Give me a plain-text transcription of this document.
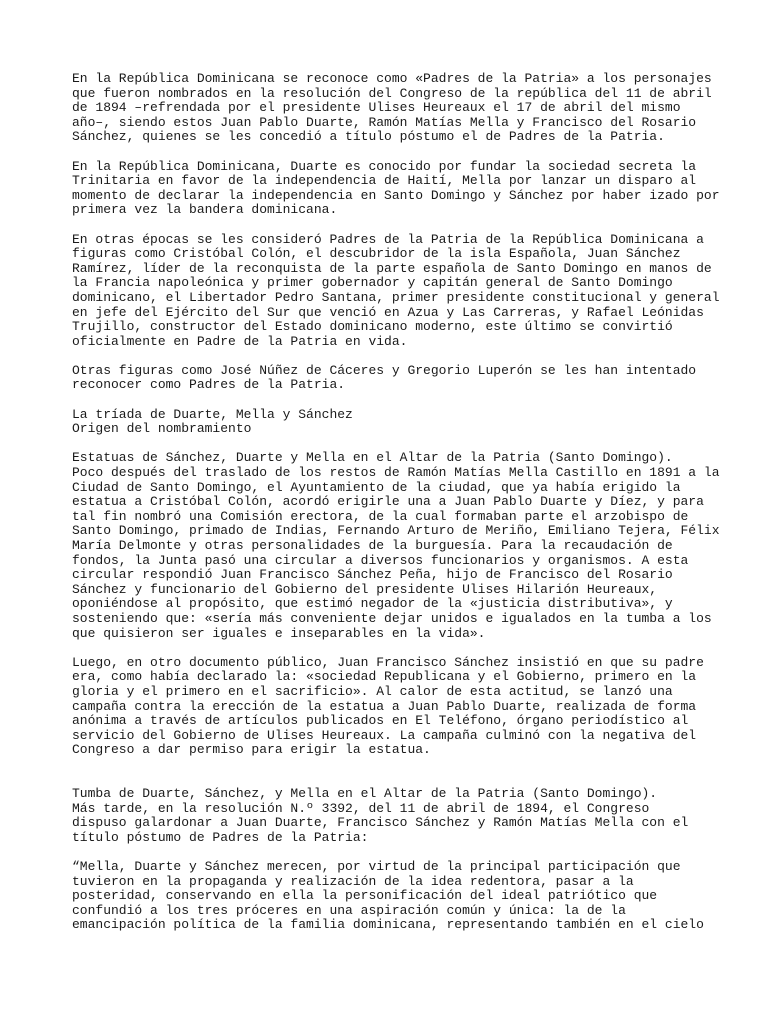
En la República Dominicana se reconoce como «Padres de la Patria» a los personajes
que fueron nombrados en la resolución del Congreso de la república del 11 de abril
de 1894 –refrendada por el presidente Ulises Heureaux el 17 de abril del mismo
año–, siendo estos Juan Pablo Duarte, Ramón Matías Mella y Francisco del Rosario
Sánchez, quienes se les concedió a título póstumo el de Padres de la Patria.

En la República Dominicana, Duarte es conocido por fundar la sociedad secreta la
Trinitaria en favor de la independencia de Haití, Mella por lanzar un disparo al
momento de declarar la independencia en Santo Domingo y Sánchez por haber izado por
primera vez la bandera dominicana.

En otras épocas se les consideró Padres de la Patria de la República Dominicana a
figuras como Cristóbal Colón, el descubridor de la isla Española, Juan Sánchez
Ramírez, líder de la reconquista de la parte española de Santo Domingo en manos de
la Francia napoleónica y primer gobernador y capitán general de Santo Domingo
dominicano, el Libertador Pedro Santana, primer presidente constitucional y general
en jefe del Ejército del Sur que venció en Azua y Las Carreras, y Rafael Leónidas
Trujillo, constructor del Estado dominicano moderno, este último se convirtió
oficialmente en Padre de la Patria en vida.

Otras figuras como José Núñez de Cáceres y Gregorio Luperón se les han intentado
reconocer como Padres de la Patria.

La tríada de Duarte, Mella y Sánchez
Origen del nombramiento

Estatuas de Sánchez, Duarte y Mella en el Altar de la Patria (Santo Domingo).
Poco después del traslado de los restos de Ramón Matías Mella Castillo en 1891 a la
Ciudad de Santo Domingo, el Ayuntamiento de la ciudad, que ya había erigido la
estatua a Cristóbal Colón, acordó erigirle una a Juan Pablo Duarte y Díez, y para
tal fin nombró una Comisión erectora, de la cual formaban parte el arzobispo de
Santo Domingo, primado de Indias, Fernando Arturo de Meriño, Emiliano Tejera, Félix
María Delmonte y otras personalidades de la burguesía. Para la recaudación de
fondos, la Junta pasó una circular a diversos funcionarios y organismos. A esta
circular respondió Juan Francisco Sánchez Peña, hijo de Francisco del Rosario
Sánchez y funcionario del Gobierno del presidente Ulises Hilarión Heureaux,
oponiéndose al propósito, que estimó negador de la «justicia distributiva», y
sosteniendo que: «sería más conveniente dejar unidos e igualados en la tumba a los
que quisieron ser iguales e inseparables en la vida».

Luego, en otro documento público, Juan Francisco Sánchez insistió en que su padre
era, como había declarado la: «sociedad Republicana y el Gobierno, primero en la
gloria y el primero en el sacrificio». Al calor de esta actitud, se lanzó una
campaña contra la erección de la estatua a Juan Pablo Duarte, realizada de forma
anónima a través de artículos publicados en El Teléfono, órgano periodístico al
servicio del Gobierno de Ulises Heureaux. La campaña culminó con la negativa del
Congreso a dar permiso para erigir la estatua.

Tumba de Duarte, Sánchez, y Mella en el Altar de la Patria (Santo Domingo).
Más tarde, en la resolución N.º 3392, del 11 de abril de 1894, el Congreso
dispuso galardonar a Juan Duarte, Francisco Sánchez y Ramón Matías Mella con el
título póstumo de Padres de la Patria:

“Mella, Duarte y Sánchez merecen, por virtud de la principal participación que
tuvieron en la propaganda y realización de la idea redentora, pasar a la
posteridad, conservando en ella la personificación del ideal patriótico que
confundió a los tres próceres en una aspiración común y única: la de la
emancipación política de la familia dominicana, representando también en el cielo
